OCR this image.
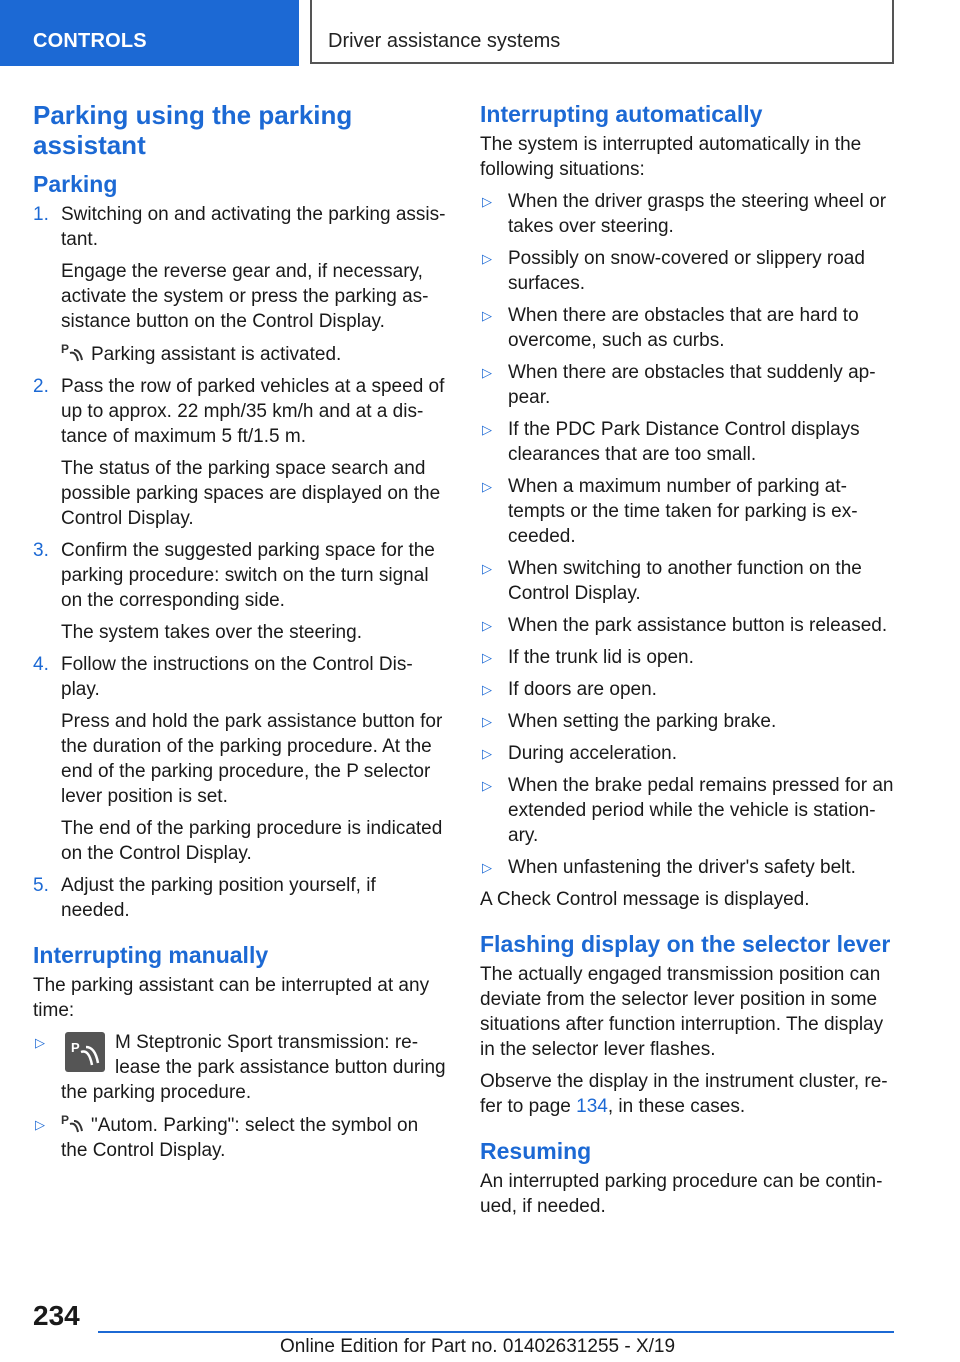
CONTROLS	Driver assistance systems
Parking using the parking assistant
Parking
1. Switching on and activating the parking assis-tant.

Engage the reverse gear and, if necessary, activate the system or press the parking as-sistance button on the Control Display.

P Parking assistant is activated.

2. Pass the row of parked vehicles at a speed of up to approx. 22 mph/35 km/h and at a dis-tance of maximum 5 ft/1.5 m.

The status of the parking space search and possible parking spaces are displayed on the Control Display.

3. Confirm the suggested parking space for the parking procedure: switch on the turn signal on the corresponding side.

The system takes over the steering.

4. Follow the instructions on the Control Dis-play.

Press and hold the park assistance button for the duration of the parking procedure. At the end of the parking procedure, the P selector lever position is set.

The end of the parking procedure is indicated on the Control Display.

5. Adjust the parking position yourself, if needed.

Interrupting manually

The parking assistant can be interrupted at any time:

▷ P M Steptronic Sport transmission: re-lease the park assistance button during the parking procedure.
▷ P "Autom. Parking": select the symbol on the Control Display.
Interrupting automatically

The system is interrupted automatically in the following situations:

▷ When the driver grasps the steering wheel or takes over steering.
▷ Possibly on snow-covered or slippery road surfaces.
▷ When there are obstacles that are hard to overcome, such as curbs.
▷ When there are obstacles that suddenly ap-pear.
▷ If the PDC Park Distance Control displays clearances that are too small.
▷ When a maximum number of parking at-tempts or the time taken for parking is ex-ceeded.
▷ When switching to another function on the Control Display.
▷ When the park assistance button is released.
▷ If the trunk lid is open.
▷ If doors are open.
▷ When setting the parking brake.
▷ During acceleration.
▷ When the brake pedal remains pressed for an extended period while the vehicle is station-ary.
▷ When unfastening the driver's safety belt.

A Check Control message is displayed.

Flashing display on the selector lever

The actually engaged transmission position can deviate from the selector lever position in some situations after function interruption. The display in the selector lever flashes.

Observe the display in the instrument cluster, re-fer to page 134, in these cases.

Resuming

An interrupted parking procedure can be contin-ued, if needed.

234
Online Edition for Part no. 01402631255 - X/19
